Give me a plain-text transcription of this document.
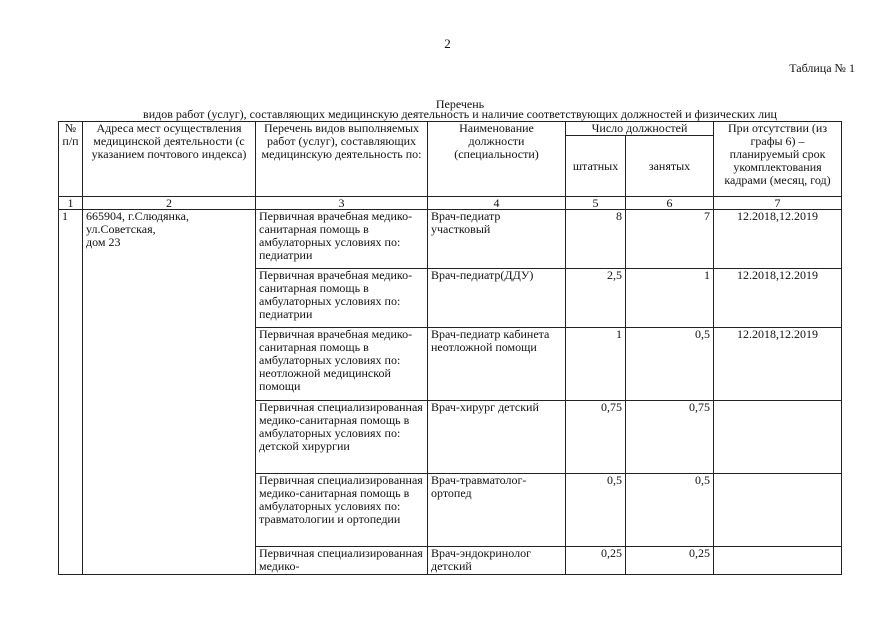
2
Таблица № 1
Перечень
видов работ (услуг), составляющих медицинскую деятельность и наличие соответствующих должностей и физических лиц
№ п/п	Адреса мест осуществления медицинской деятельности (с указанием почтового индекса)	Перечень видов выполняемых работ (услуг), составляющих медицинскую деятельность по:	Наименование должности (специальности)	Число должностей		При отсутствии (из графы 6) – планируемый срок укомплектования кадрами (месяц, год)
				штатных	занятых	
1	2	3	4	5	6	7
1	665904, г.Слюдянка,
ул.Советская,
дом 23	Первичная врачебная медико-санитарная помощь в амбулаторных условиях по: педиатрии	Врач-педиатр участковый	8	7	12.2018,12.2019
		Первичная врачебная медико-санитарная помощь в амбулаторных условиях по: педиатрии	Врач-педиатр(ДДУ)	2,5	1	12.2018,12.2019
		Первичная врачебная медико-санитарная помощь в амбулаторных условиях по: неотложной медицинской помощи	Врач-педиатр кабинета неотложной помощи	1	0,5	12.2018,12.2019
		Первичная специализированная медико-санитарная помощь в амбулаторных условиях по: детской хирургии	Врач-хирург детский	0,75	0,75	
		Первичная специализированная медико-санитарная помощь в амбулаторных условиях по: травматологии и ортопедии	Врач-травматолог-ортопед	0,5	0,5	
		Первичная специализированная медико-	Врач-эндокринолог детский	0,25	0,25	
